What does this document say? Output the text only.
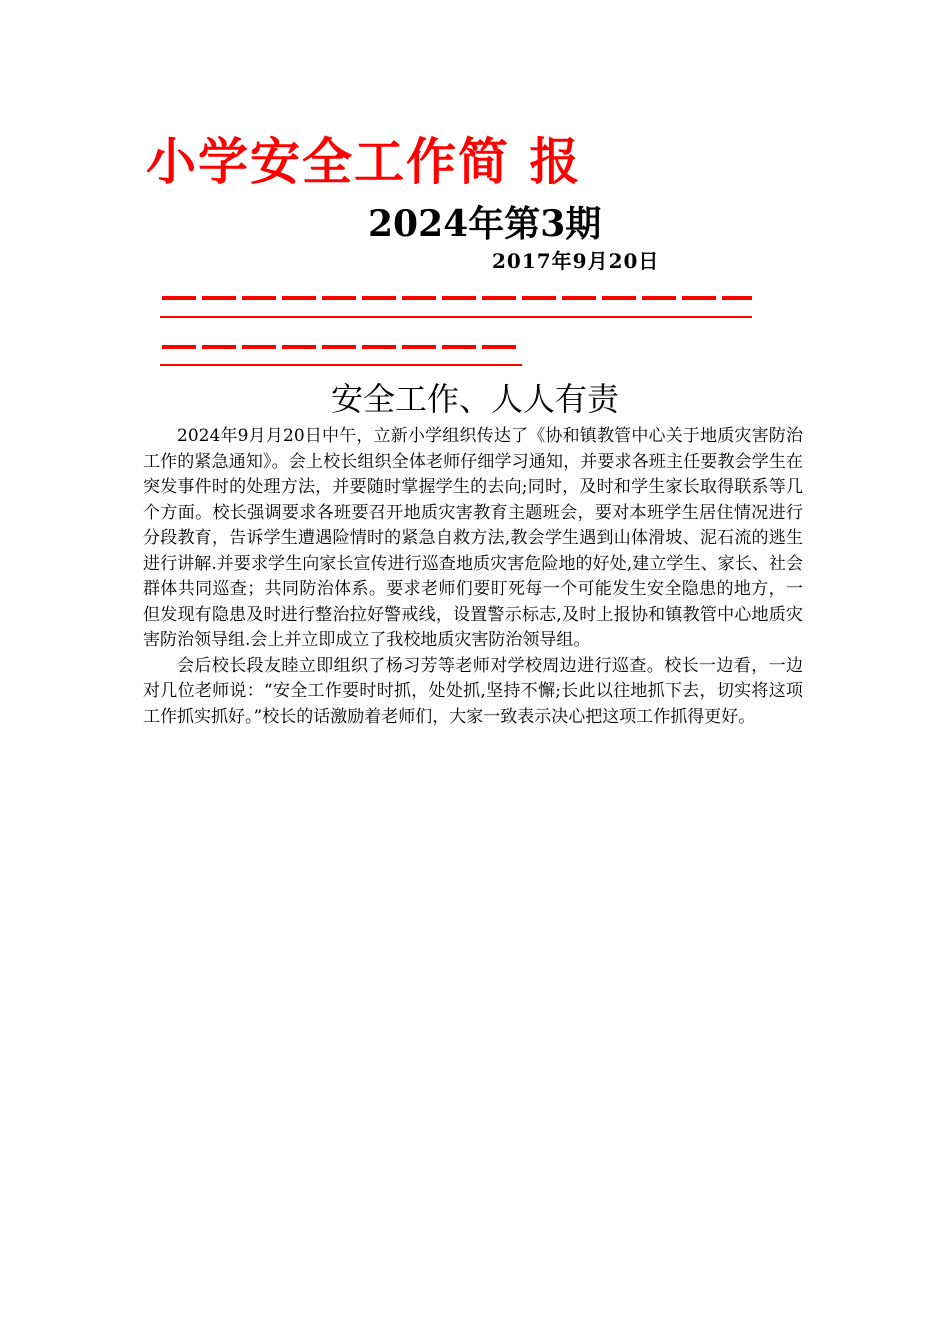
小学安全工作简 报
2024年第3期
2017年9月20日
安全工作、人人有责

2024年9月月20日中午，立新小学组织传达了《协和镇教管中心关于地质灾害防治工作的紧急通知》。会上校长组织全体老师仔细学习通知，并要求各班主任要教会学生在突发事件时的处理方法，并要随时掌握学生的去向;同时，及时和学生家长取得联系等几个方面。校长强调要求各班要召开地质灾害教育主题班会，要对本班学生居住情况进行分段教育，告诉学生遭遇险情时的紧急自救方法,教会学生遇到山体滑坡、泥石流的逃生进行讲解.并要求学生向家长宣传进行巡查地质灾害危险地的好处,建立学生、家长、社会群体共同巡查；共同防治体系。要求老师们要盯死每一个可能发生安全隐患的地方，一但发现有隐患及时进行整治拉好警戒线，设置警示标志,及时上报协和镇教管中心地质灾害防治领导组.会上并立即成立了我校地质灾害防治领导组。

会后校长段友睦立即组织了杨习芳等老师对学校周边进行巡查。校长一边看，一边对几位老师说：“安全工作要时时抓，处处抓,坚持不懈;长此以往地抓下去，切实将这项工作抓实抓好。”校长的话激励着老师们，大家一致表示决心把这项工作抓得更好。
